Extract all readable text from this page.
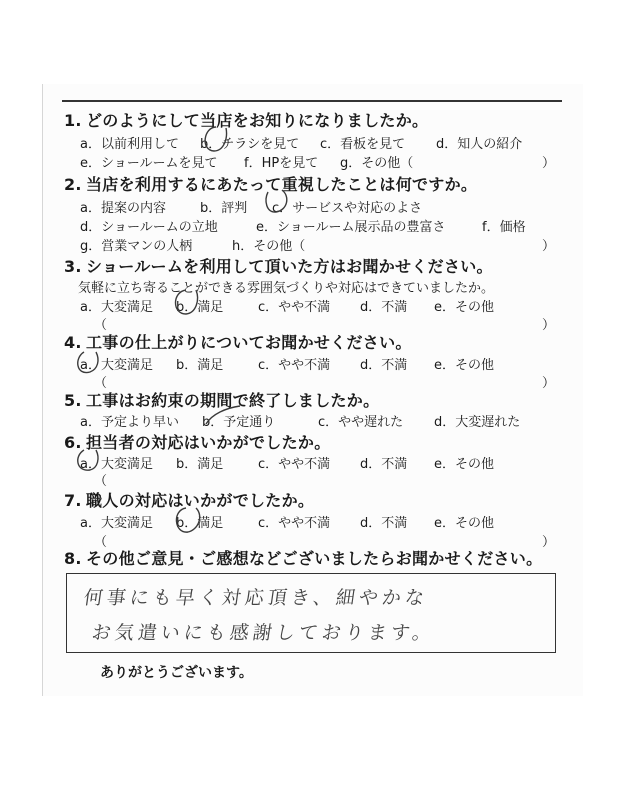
1. どのようにして当店をお知りになりましたか。
a．以前利用して b．チラシを見て c．看板を見て d．知人の紹介
e．ショールームを見て f．HPを見て g．その他（	）
2. 当店を利用するにあたって重視したことは何ですか。
a．提案の内容	b．評判 c．サービスや対応のよさ
d．ショールームの立地	e．ショールーム展示品の豊富さ	f．価格
g．営業マンの人柄	h．その他（	）
3. ショールームを利用して頂いた方はお聞かせください。
気軽に立ち寄ることができる雰囲気づくりや対応はできていましたか。
a．大変満足 b．満足	c．やや不満 d．不満 e．その他
（	）
4. 工事の仕上がりについてお聞かせください。
a．大変満足 b．満足	c．やや不満 d．不満 e．その他
（	）
5. 工事はお約束の期間で終了しましたか。
a．予定より早い b．予定通り	c．やや遅れた d．大変遅れた
6. 担当者の対応はいかがでしたか。
a．大変満足 b．満足	c．やや不満 d．不満 e．その他
（
7. 職人の対応はいかがでしたか。
a．大変満足 b．満足	c．やや不満 d．不満 e．その他
（	）
8. その他ご意見・ご感想などございましたらお聞かせください。
何事にも早く対応頂き、細やかな
お気遣いにも感謝しております。
ありがとうございます。
